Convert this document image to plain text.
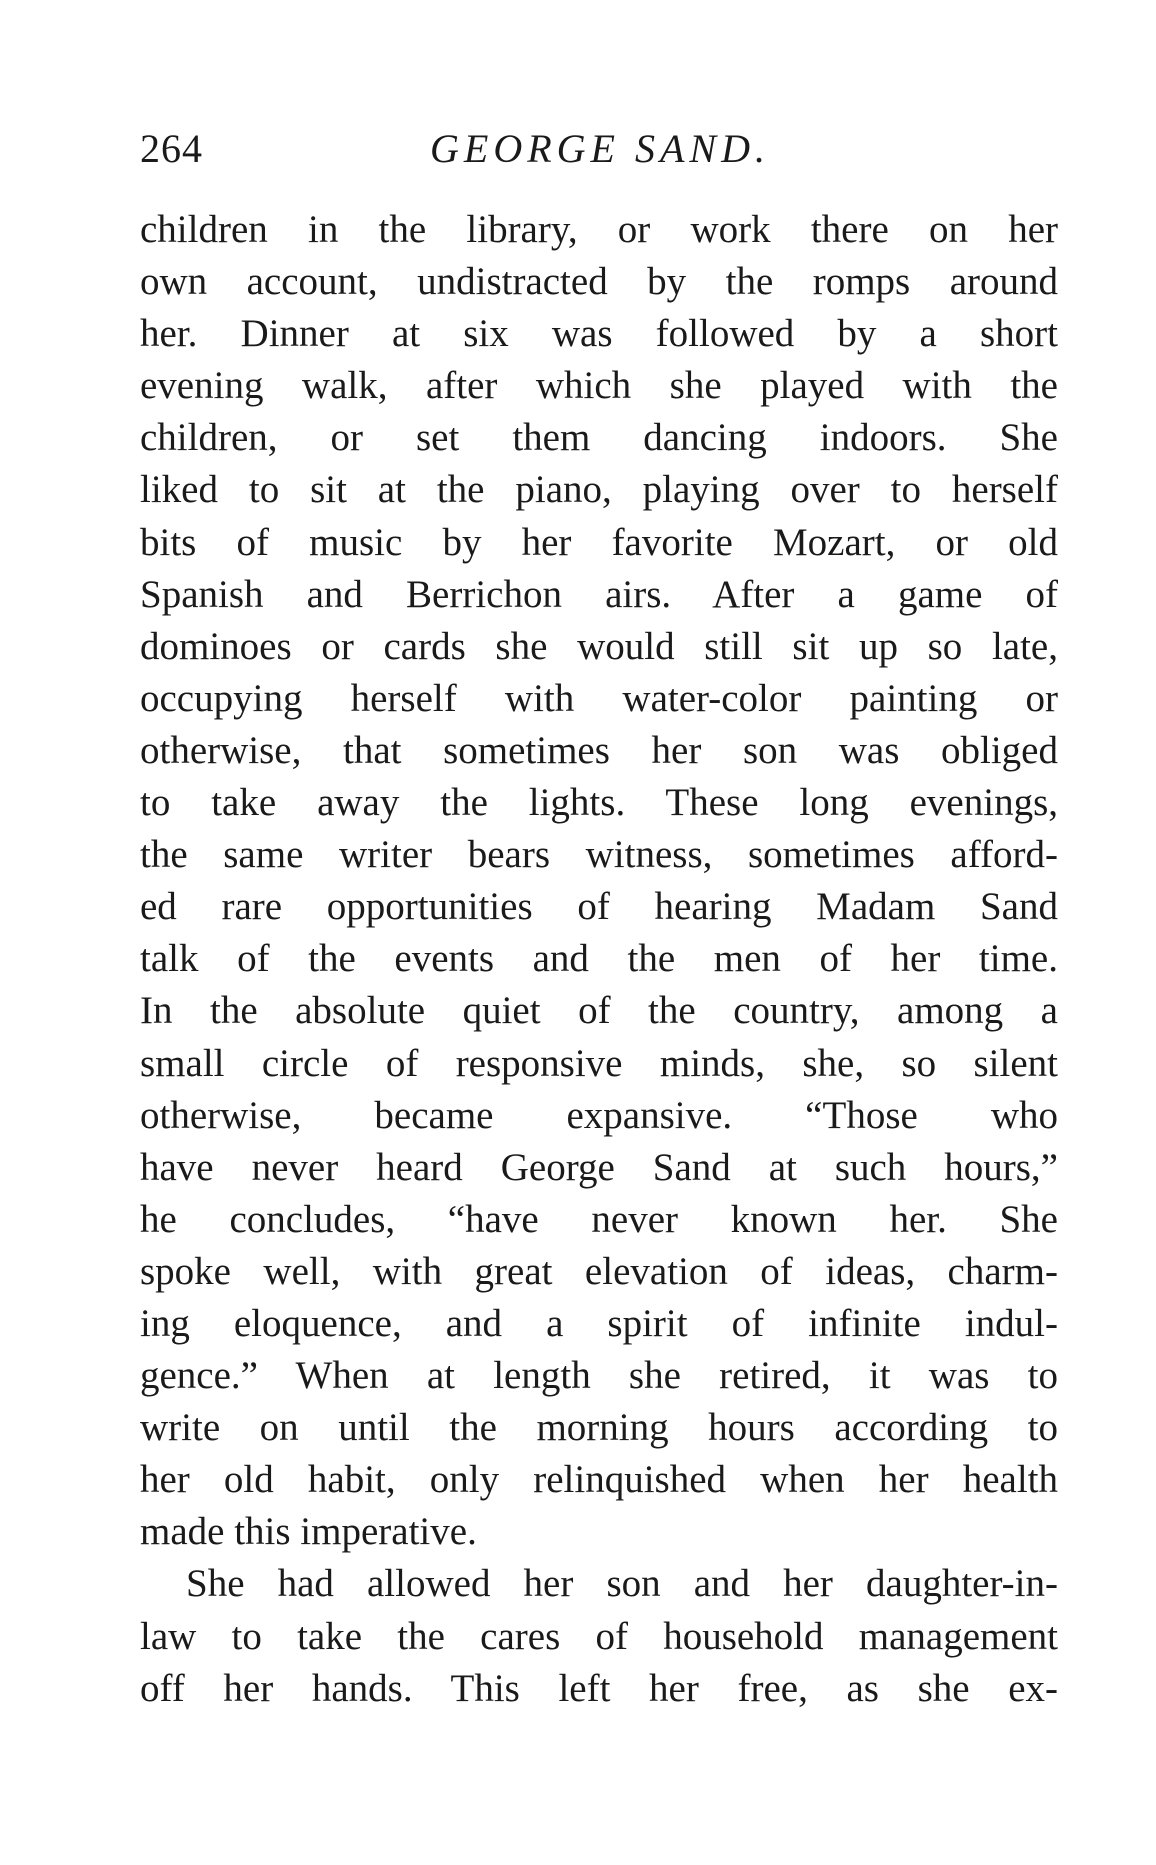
264	GEORGE SAND.
children in the library, or work there on her
own account, undistracted by the romps around
her. Dinner at six was followed by a short
evening walk, after which she played with the
children, or set them dancing indoors. She
liked to sit at the piano, playing over to herself
bits of music by her favorite Mozart, or old
Spanish and Berrichon airs. After a game of
dominoes or cards she would still sit up so late,
occupying herself with water-color painting or
otherwise, that sometimes her son was obliged
to take away the lights. These long evenings,
the same writer bears witness, sometimes afford-
ed rare opportunities of hearing Madam Sand
talk of the events and the men of her time.
In the absolute quiet of the country, among a
small circle of responsive minds, she, so silent
otherwise, became expansive. “Those who
have never heard George Sand at such hours,”
he concludes, “have never known her. She
spoke well, with great elevation of ideas, charm-
ing eloquence, and a spirit of infinite indul-
gence.” When at length she retired, it was to
write on until the morning hours according to
her old habit, only relinquished when her health
made this imperative.
She had allowed her son and her daughter-in-
law to take the cares of household management
off her hands. This left her free, as she ex-
